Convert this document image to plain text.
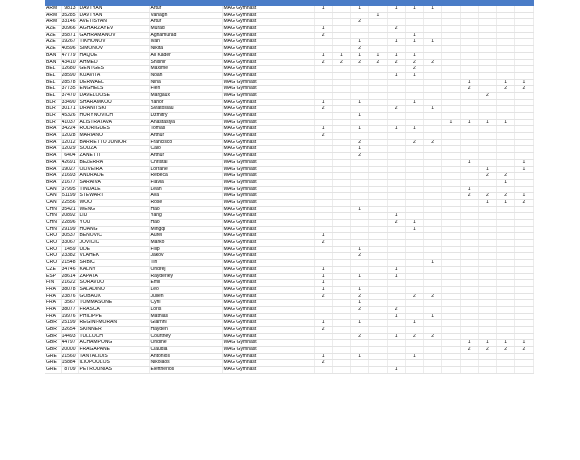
ARM	9813	DAVTYAN	Artur	MAG Gymnast	1		1		1	1	1					
ARM	35285	DAVTYAN	Vahagn	MAG Gymnast				1								
ARM	33146	AVETISYAN	Artur	MAG Gymnast			2									
AZE	30966	AGHARZAYEV	Murad	MAG Gymnast	1				2							
AZE	35871	GAHRAMANOV	Aghamurad	MAG Gymnast	2					1						
AZE	19267	TIKHONOV	Ivan	MAG Gymnast			1		1	1	1					
AZE	40596	SIMONOV	Nikita	MAG Gymnast			2									
BAN	47779	HAQUE	Ali Kader	MAG Gymnast	1	1	1	1	1	1						
BAN	43410	AHMED	Shishir	MAG Gymnast	2	2	2	2	2	2	2					
BEL	12680	GENTGES	Maxime	MAG Gymnast						2						
BEL	28590	KUAVITA	Noah	MAG Gymnast					1	1						
BEL	28578	DERWAEL	Nina	WAG Gymnast									1		1	1
BEL	37735	ENGHELS	Fien	WAG Gymnast									2		2	2
BEL	37470	DAVELOOSE	Margaux	WAG Gymnast										2		
BLR	33490	SHARAMKOU	Yahor	MAG Gymnast	1		1			1						
BLR	30171	DRANITSKI	Sviatoslau	MAG Gymnast	2				2		1					
BLR	45326	HURYNOVICH	Dzmitry	MAG Gymnast			1									
BLR	41037	ALISTRATAVA	Anastasiya	WAG Gymnast								1	1	1	1	
BRA	34224	RODRIGUES	Tomas	MAG Gymnast	1		1		1	1						
BRA	12028	MARIANO	Arthur	MAG Gymnast	2											
BRA	12012	BARRETTO JUNIOR	Francisco	MAG Gymnast			2			2	2					
BRA	12029	SOUZA	Caio	MAG Gymnast			1									
BRA	6404	ZANETTI	Arthur	MAG Gymnast			2									
BRA	42691	BEZERRA	Christal	WAG Gymnast									1			1
BRA	19027	OLIVEIRA	Lorrane	WAG Gymnast										1		1
BRA	21693	ANDRADE	Rebeca	WAG Gymnast										2	2	
BRA	21677	SARAIVA	Flavia	WAG Gymnast											1	
CAN	37995	TINDALE	Leah	WAG Gymnast									1			
CAN	51199	STEWART	Ava	WAG Gymnast									2	2	2	1
CAN	22556	WOO	Rose	WAG Gymnast										1	1	2
CHN	35421	WENG	Hao	MAG Gymnast			1									
CHN	20892	LIU	Yang	MAG Gymnast					1							
CHN	22896	YOU	Hao	MAG Gymnast					2	1						
CHN	29199	HUANG	Mingqi	MAG Gymnast						1						
CRO	30537	BENOVIC	Aurel	MAG Gymnast	1											
CRO	33067	JOVICIC	Marko	MAG Gymnast	2											
CRO	1459	UDE	Filip	MAG Gymnast			1									
CRO	23382	VLAHEK	Jakov	MAG Gymnast			2									
CRO	21548	SRBIC	Tin	MAG Gymnast							1					
CZE	34746	KALNY	Ondrej	MAG Gymnast	1				1							
ESP	28614	ZAPATA	Rayderley	MAG Gymnast	1		1		1							
FIN	21622	SORAVUO	Emil	MAG Gymnast	1											
FRA	38078	SALADINO	Leo	MAG Gymnast	1		1									
FRA	23876	GOBAUX	Julien	MAG Gymnast	2		2			2	2					
FRA	3567	TOMMASONE	Cyril	MAG Gymnast			1									
FRA	38077	FRASCA	Loris	MAG Gymnast			2		2							
FRA	19976	PHILIPPE	Mathias	MAG Gymnast					1		1					
GBR	25199	REGINI-MORAN	Giarnni	MAG Gymnast	1		1			1						
GBR	32654	SKINNER	Hayden	MAG Gymnast	2											
GBR	14493	TULLOCH	Courtney	MAG Gymnast			2		1	2	2					
GBR	44797	ACHAMPONG	Ondine	WAG Gymnast									1	1	1	1
GBR	20000	FRAGAPANE	Claudia	WAG Gymnast									2	2	2	2
GRE	21560	TANTALIDIS	Antonios	MAG Gymnast	1		1			1						
GRE	15884	ILIOPOULOS	Nikolaos	MAG Gymnast	2											
GRE	8709	PETROUNIAS	Eleftherios	MAG Gymnast					1							
